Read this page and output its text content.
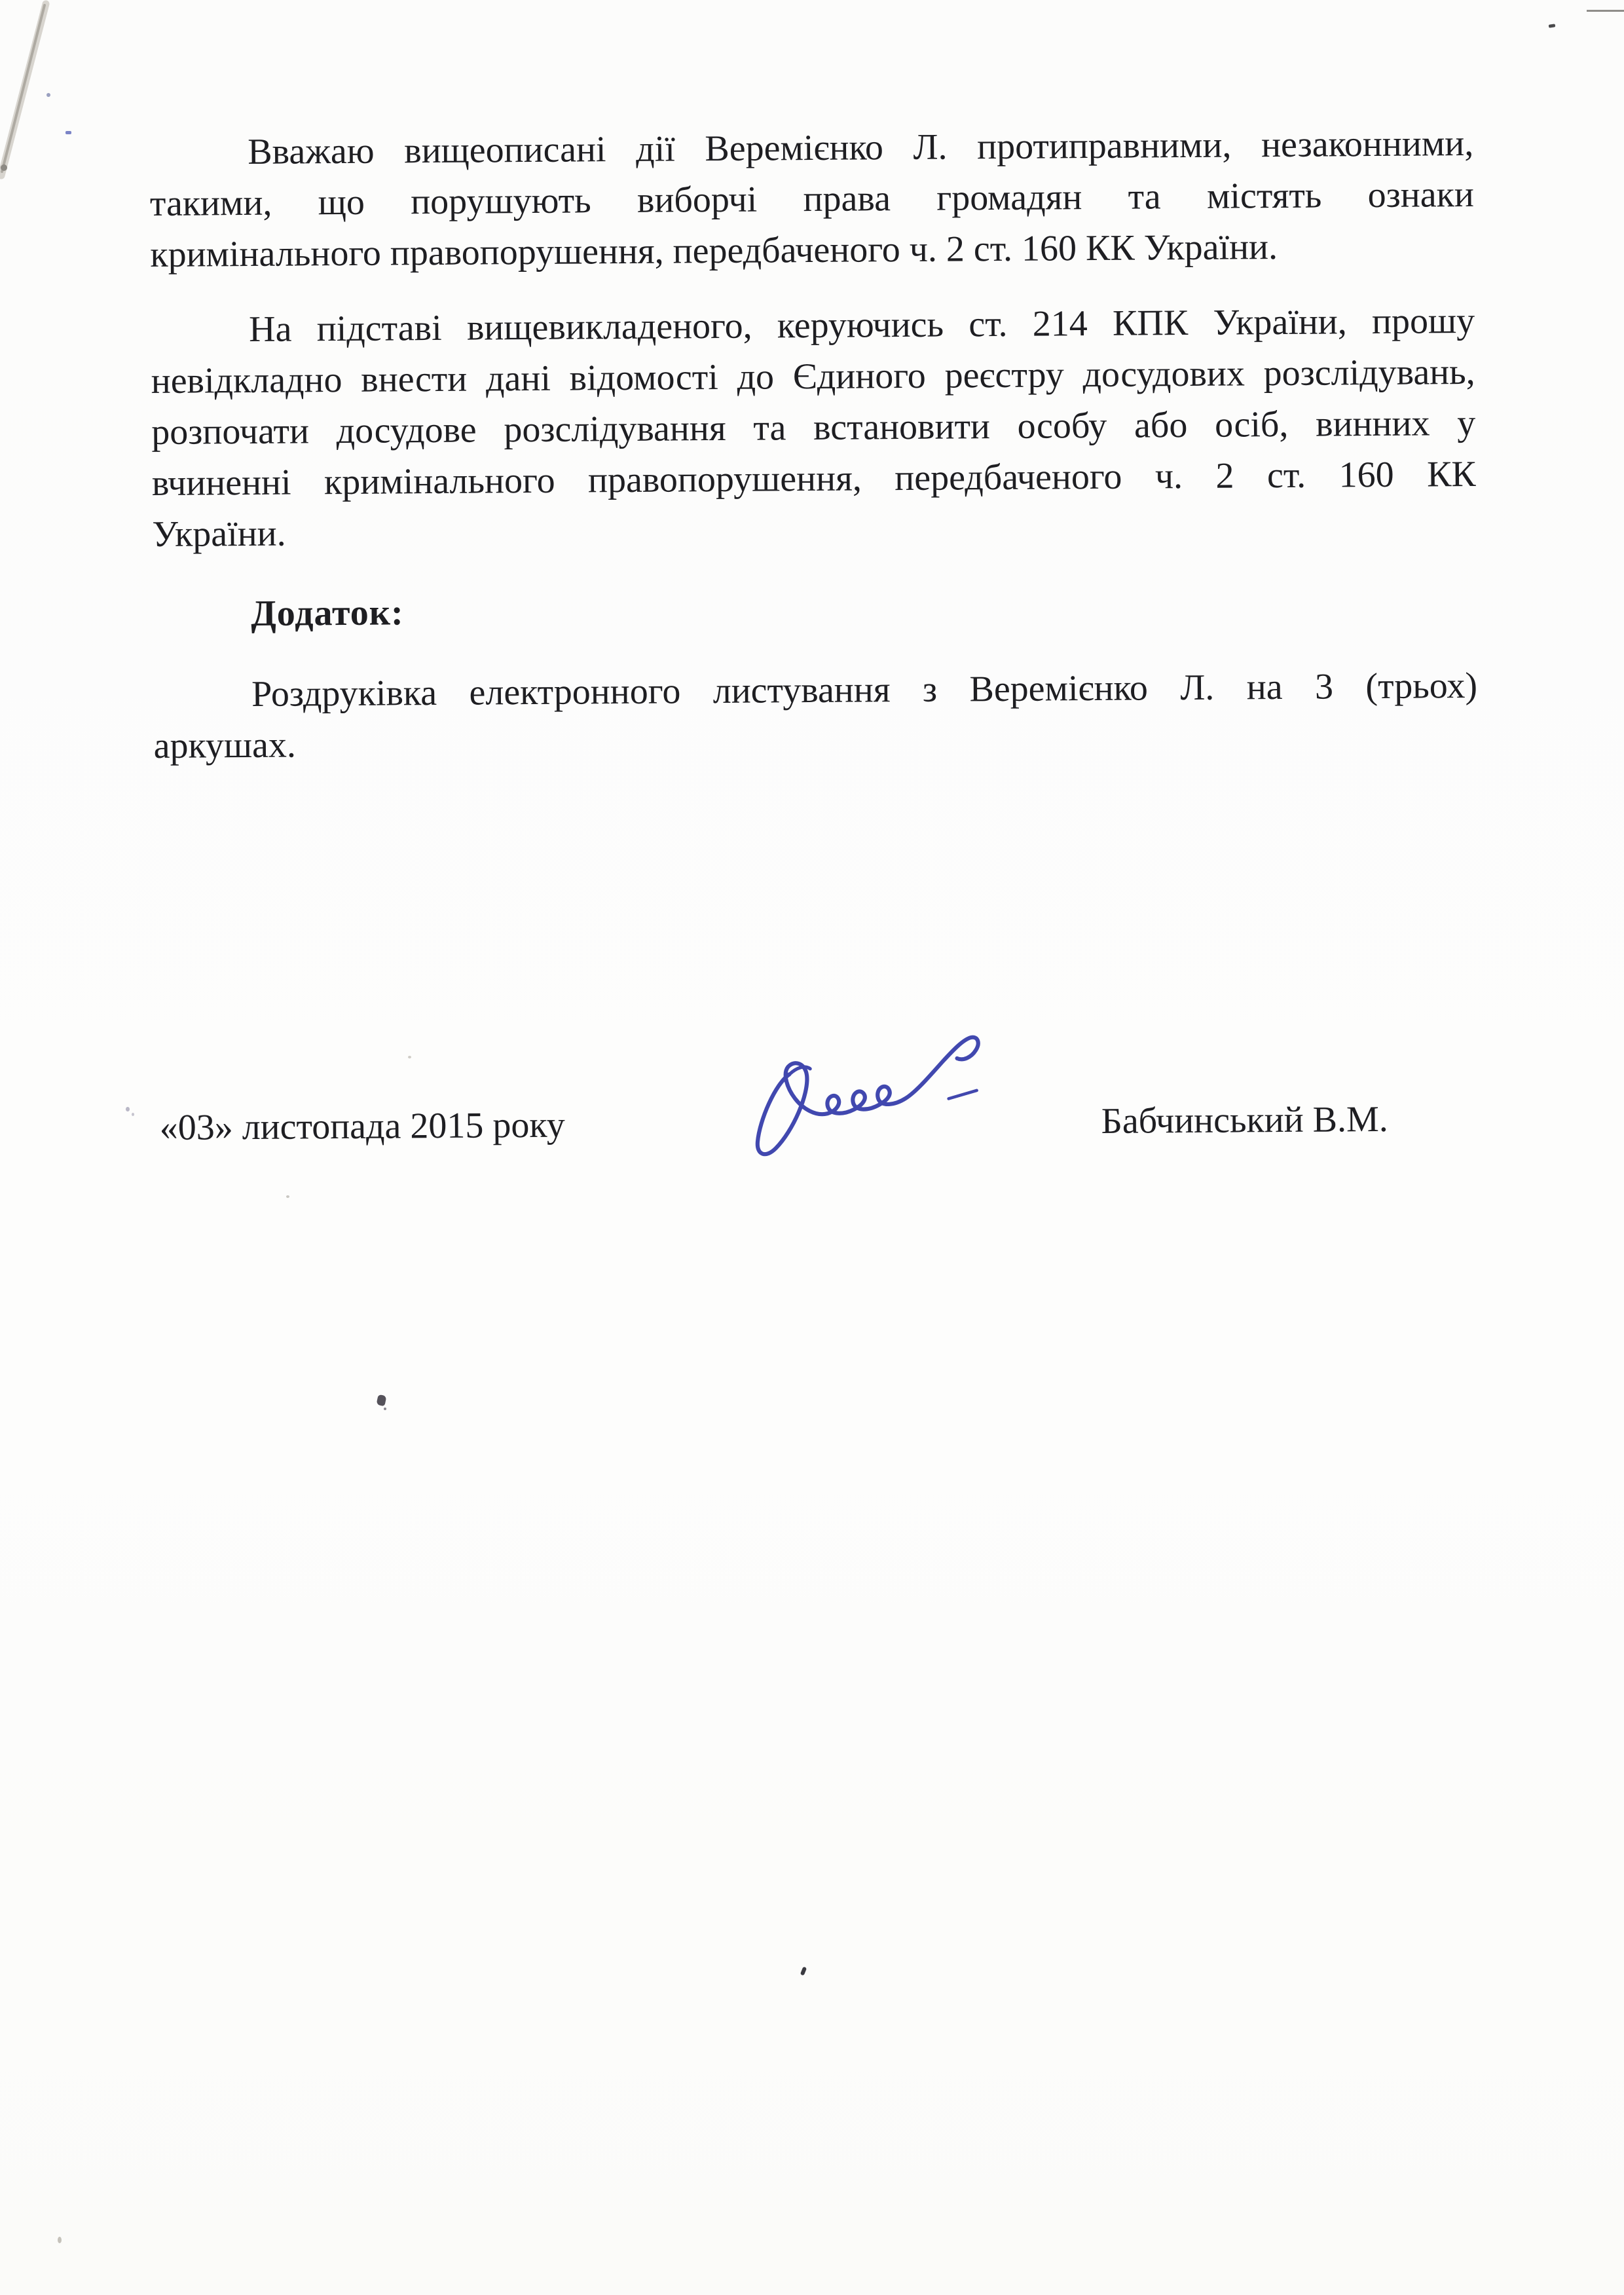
Вважаю вищеописані дії Веремієнко Л. протиправними, незаконними,
такими, що порушують виборчі права громадян та містять ознаки
кримінального правопорушення, передбаченого ч. 2 ст. 160 КК України.
На підставі вищевикладеного, керуючись ст. 214 КПК України, прошу
невідкладно внести дані відомості до Єдиного реєстру досудових розслідувань,
розпочати досудове розслідування та встановити особу або осіб, винних у
вчиненні кримінального правопорушення, передбаченого ч. 2 ст. 160 КК
України.
Додаток:
Роздруківка електронного листування з Веремієнко Л. на 3 (трьох)
аркушах.
«03» листопада 2015 року	Бабчинський В.М.
